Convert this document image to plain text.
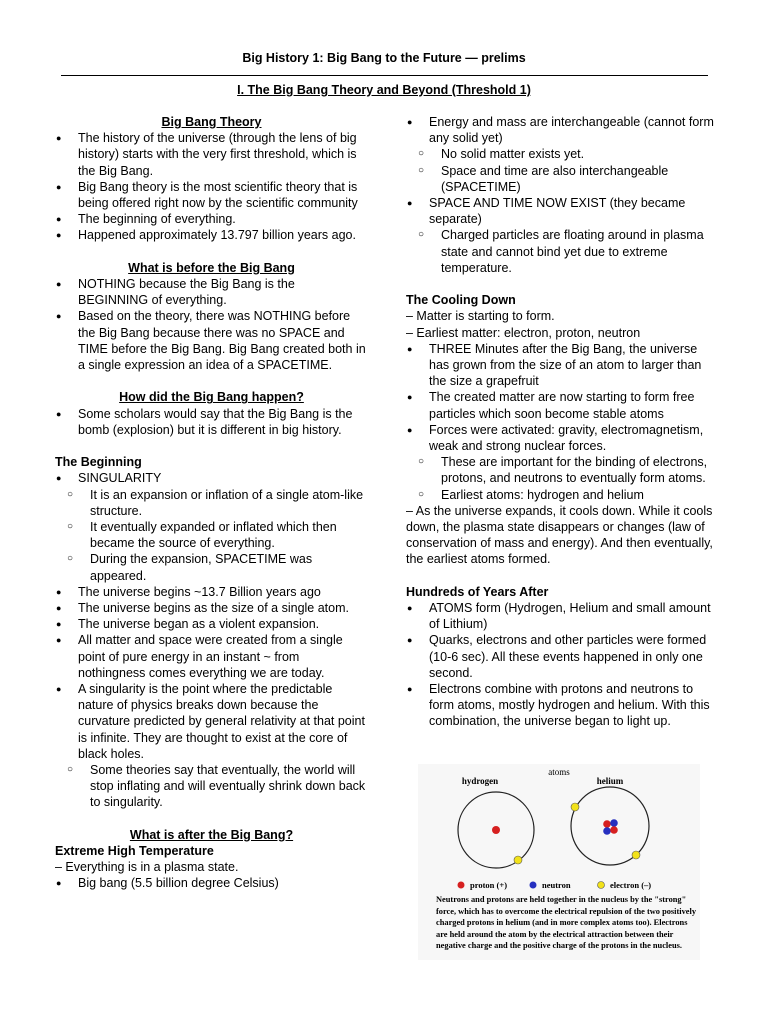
Big History 1: Big Bang to the Future — prelims
I. The Big Bang Theory and Beyond (Threshold 1)
Big Bang Theory
● The history of the universe (through the lens of big history) starts with the very first threshold, which is the Big Bang.
● Big Bang theory is the most scientific theory that is being offered right now by the scientific community
● The beginning of everything.
● Happened approximately 13.797 billion years ago.
What is before the Big Bang
● NOTHING because the Big Bang is the BEGINNING of everything.
● Based on the theory, there was NOTHING before the Big Bang because there was no SPACE and TIME before the Big Bang. Big Bang created both in a single expression an idea of a SPACETIME.
How did the Big Bang happen?
● Some scholars would say that the Big Bang is the bomb (explosion) but it is different in big history.
The Beginning
● SINGULARITY
○ It is an expansion or inflation of a single atom-like structure.
○ It eventually expanded or inflated which then became the source of everything.
○ During the expansion, SPACETIME was appeared.
● The universe begins ~13.7 Billion years ago
● The universe begins as the size of a single atom.
● The universe began as a violent expansion.
● All matter and space were created from a single point of pure energy in an instant ~ from nothingness comes everything we are today.
● A singularity is the point where the predictable nature of physics breaks down because the curvature predicted by general relativity at that point is infinite. They are thought to exist at the core of black holes.
○ Some theories say that eventually, the world will stop inflating and will eventually shrink down back to singularity.
What is after the Big Bang?
Extreme High Temperature
– Everything is in a plasma state.
● Big bang (5.5 billion degree Celsius)
● Energy and mass are interchangeable (cannot form any solid yet)
○ No solid matter exists yet.
○ Space and time are also interchangeable (SPACETIME)
● SPACE AND TIME NOW EXIST (they became separate)
○ Charged particles are floating around in plasma state and cannot bind yet due to extreme temperature.
The Cooling Down
– Matter is starting to form.
– Earliest matter: electron, proton, neutron
● THREE Minutes after the Big Bang, the universe has grown from the size of an atom to larger than the size a grapefruit
● The created matter are now starting to form free particles which soon become stable atoms
● Forces were activated: gravity, electromagnetism, weak and strong nuclear forces.
○ These are important for the binding of electrons, protons, and neutrons to eventually form atoms.
○ Earliest atoms: hydrogen and helium
– As the universe expands, it cools down. While it cools down, the plasma state disappears or changes (law of conservation of mass and energy). And then eventually, the earliest atoms formed.
Hundreds of Years After
● ATOMS form (Hydrogen, Helium and small amount of Lithium)
● Quarks, electrons and other particles were formed (10-6 sec). All these events happened in only one second.
● Electrons combine with protons and neutrons to form atoms, mostly hydrogen and helium. With this combination, the universe began to light up.
atoms
hydrogen	helium
proton (+)	neutron	electron (–)
Neutrons and protons are held together in the nucleus by the "strong" force, which has to overcome the electrical repulsion of the two positively charged protons in helium (and in more complex atoms too). Electrons are held around the atom by the electrical attraction between their negative charge and the positive charge of the protons in the nucleus.
